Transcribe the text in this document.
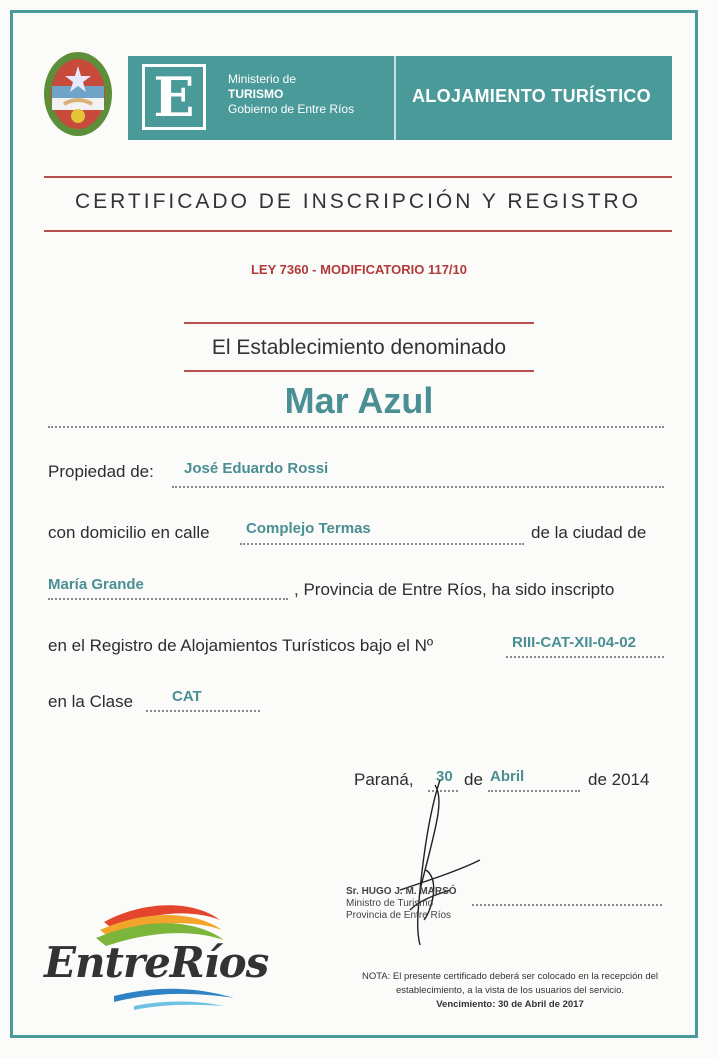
E	Ministerio de
TURISMO
Gobierno de Entre Ríos
ALOJAMIENTO TURÍSTICO
CERTIFICADO DE INSCRIPCIÓN Y REGISTRO
LEY 7360 - MODIFICATORIO 117/10
El Establecimiento denominado
Mar Azul
Propiedad de: José Eduardo Rossi
con domicilio en calle Complejo Termas	de la ciudad de
María Grande	, Provincia de Entre Ríos, ha sido inscripto
en el Registro de Alojamientos Turísticos bajo el Nº	RIII-CAT-XII-04-02
en la Clase	CAT
Paraná, 30 de Abril	de 2014
Sr. HUGO J. M. MARSÓ
Ministro de Turismo
Provincia de Entre Ríos
EntreRíos	NOTA: El presente certificado deberá ser colocado en la recepción del establecimiento, a la vista de los usuarios del servicio.
Vencimiento: 30 de Abril de 2017
